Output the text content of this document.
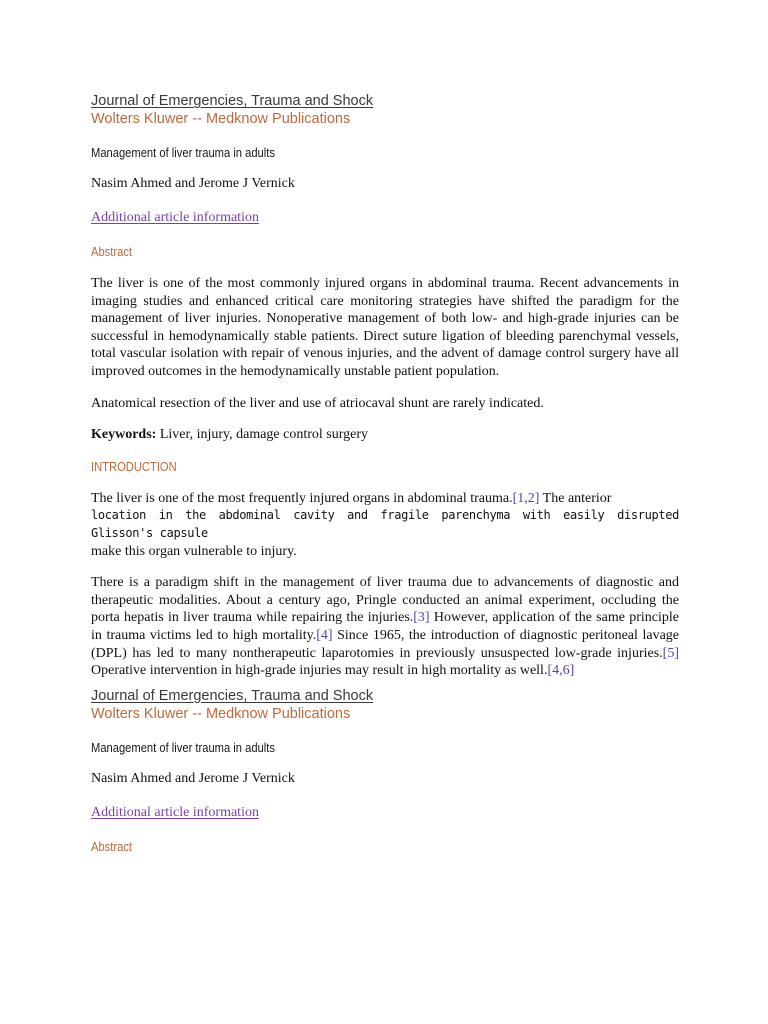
Journal of Emergencies, Trauma and Shock
Wolters Kluwer -- Medknow Publications
Management of liver trauma in adults
Nasim Ahmed and Jerome J Vernick
Additional article information
Abstract

The liver is one of the most commonly injured organs in abdominal trauma. Recent advancements in imaging studies and enhanced critical care monitoring strategies have shifted the paradigm for the management of liver injuries. Nonoperative management of both low- and high-grade injuries can be successful in hemodynamically stable patients. Direct suture ligation of bleeding parenchymal vessels, total vascular isolation with repair of venous injuries, and the advent of damage control surgery have all improved outcomes in the hemodynamically unstable patient population.

Anatomical resection of the liver and use of atriocaval shunt are rarely indicated.

Keywords: Liver, injury, damage control surgery

INTRODUCTION

The liver is one of the most frequently injured organs in abdominal trauma.[1,2] The anterior
location in the abdominal cavity and fragile parenchyma with easily disrupted Glisson's capsule
make this organ vulnerable to injury.

There is a paradigm shift in the management of liver trauma due to advancements of diagnostic and therapeutic modalities. About a century ago, Pringle conducted an animal experiment, occluding the porta hepatis in liver trauma while repairing the injuries.[3] However, application of the same principle in trauma victims led to high mortality.[4] Since 1965, the introduction of diagnostic peritoneal lavage (DPL) has led to many nontherapeutic laparotomies in previously unsuspected low-grade injuries.[5] Operative intervention in high-grade injuries may result in high mortality as well.[4,6]

Journal of Emergencies, Trauma and Shock
Wolters Kluwer -- Medknow Publications
Management of liver trauma in adults
Nasim Ahmed and Jerome J Vernick
Additional article information
Abstract
